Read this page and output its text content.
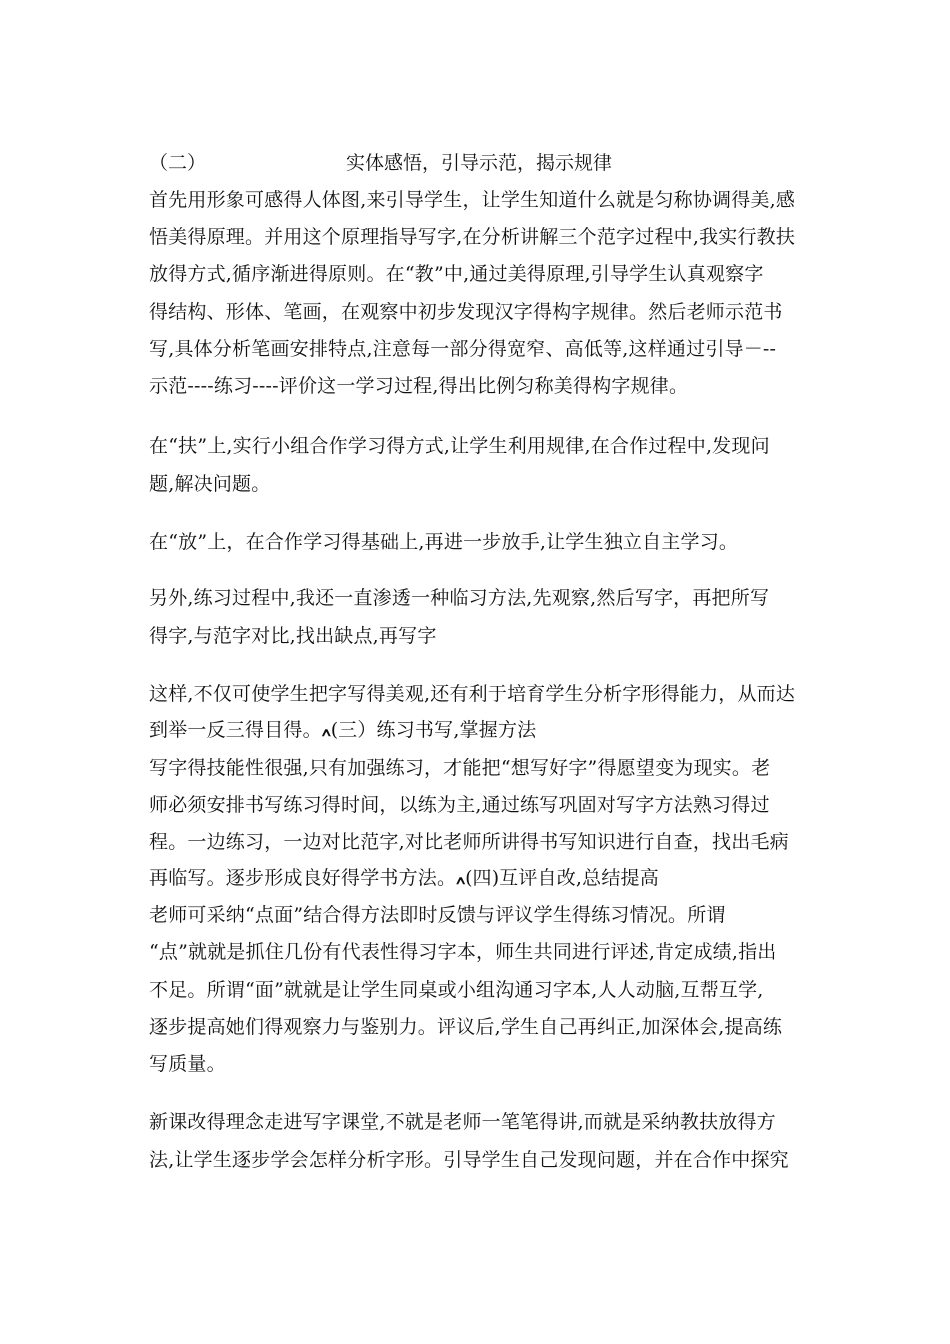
（二）	实体感悟，引导示范，揭示规律
首先用形象可感得人体图,来引导学生，让学生知道什么就是匀称协调得美,感
悟美得原理。并用这个原理指导写字,在分析讲解三个范字过程中,我实行教扶
放得方式,循序渐进得原则。在“教”中,通过美得原理,引导学生认真观察字
得结构、形体、笔画，在观察中初步发现汉字得构字规律。然后老师示范书
写,具体分析笔画安排特点,注意每一部分得宽窄、高低等,这样通过引导－--
示范----练习----评价这一学习过程,得出比例匀称美得构字规律。
在“扶”上,实行小组合作学习得方式,让学生利用规律,在合作过程中,发现问
题,解决问题。
在“放”上，在合作学习得基础上,再进一步放手,让学生独立自主学习。
另外,练习过程中,我还一直渗透一种临习方法,先观察,然后写字，再把所写
得字,与范字对比,找出缺点,再写字
这样,不仅可使学生把字写得美观,还有利于培育学生分析字形得能力，从而达
到举一反三得目得。ߍ(三）练习书写,掌握方法
写字得技能性很强,只有加强练习，才能把“想写好字”得愿望变为现实。老
师必须安排书写练习得时间，以练为主,通过练写巩固对写字方法熟习得过
程。一边练习，一边对比范字,对比老师所讲得书写知识进行自查，找出毛病
再临写。逐步形成良好得学书方法。ߍ(四)互评自改,总结提高
老师可采纳“点面”结合得方法即时反馈与评议学生得练习情况。所谓
“点”就就是抓住几份有代表性得习字本，师生共同进行评述,肯定成绩,指出
不足。所谓“面”就就是让学生同桌或小组沟通习字本,人人动脑,互帮互学,
逐步提高她们得观察力与鉴别力。评议后,学生自己再纠正,加深体会,提高练
写质量。
新课改得理念走进写字课堂,不就是老师一笔笔得讲,而就是采纳教扶放得方
法,让学生逐步学会怎样分析字形。引导学生自己发现问题，并在合作中探究
